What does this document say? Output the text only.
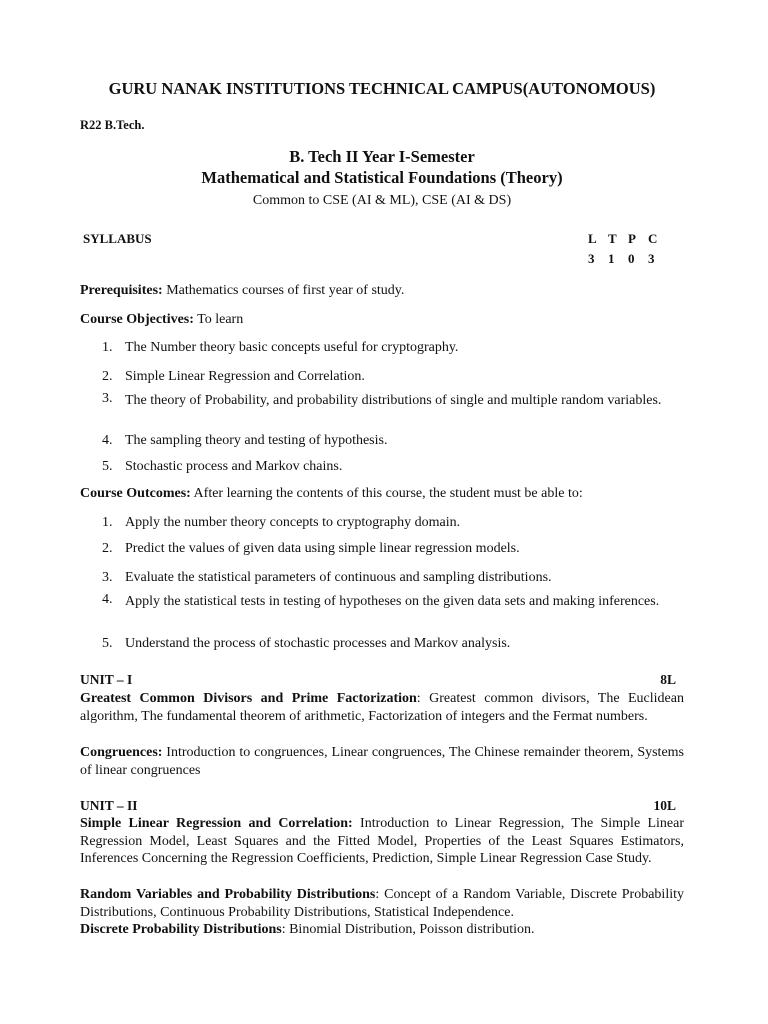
GURU NANAK INSTITUTIONS TECHNICAL CAMPUS(AUTONOMOUS)
R22 B.Tech.
B. Tech II Year I-Semester
Mathematical and Statistical Foundations (Theory)
Common to CSE (AI & ML), CSE (AI & DS)
SYLLABUS	L T P C
3	1	0	3
Prerequisites: Mathematics courses of first year of study.
Course Objectives: To learn
1. The Number theory basic concepts useful for cryptography.
2. Simple Linear Regression and Correlation.
3. The theory of Probability, and probability distributions of single and multiple random variables.
4. The sampling theory and testing of hypothesis.
5. Stochastic process and Markov chains.
Course Outcomes: After learning the contents of this course, the student must be able to:
1. Apply the number theory concepts to cryptography domain.
2. Predict the values of given data using simple linear regression models.
3. Evaluate the statistical parameters of continuous and sampling distributions.
4. Apply the statistical tests in testing of hypotheses on the given data sets and making inferences.
5. Understand the process of stochastic processes and Markov analysis.
UNIT – I	8L
Greatest Common Divisors and Prime Factorization: Greatest common divisors, The Euclidean algorithm, The fundamental theorem of arithmetic, Factorization of integers and the Fermat numbers.
Congruences: Introduction to congruences, Linear congruences, The Chinese remainder theorem, Systems of linear congruences
UNIT – II	10L
Simple Linear Regression and Correlation: Introduction to Linear Regression, The Simple Linear Regression Model, Least Squares and the Fitted Model, Properties of the Least Squares Estimators, Inferences Concerning the Regression Coefficients, Prediction, Simple Linear Regression Case Study.
Random Variables and Probability Distributions: Concept of a Random Variable, Discrete Probability Distributions, Continuous Probability Distributions, Statistical Independence.
Discrete Probability Distributions: Binomial Distribution, Poisson distribution.
